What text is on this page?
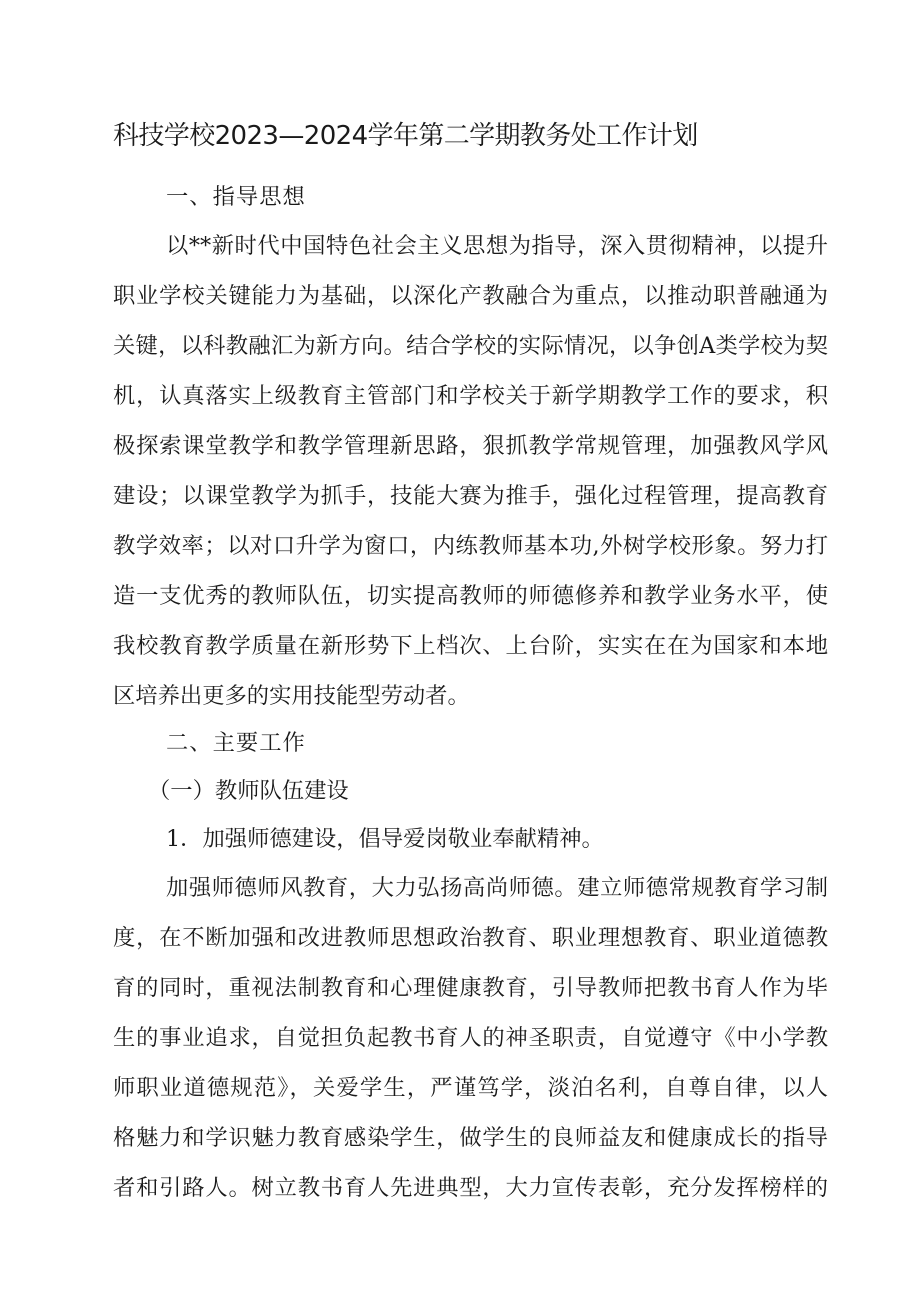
科技学校2023—2024学年第二学期教务处工作计划

一、指导思想

以**新时代中国特色社会主义思想为指导，深入贯彻精神，以提升

职业学校关键能力为基础，以深化产教融合为重点，以推动职普融通为

关键，以科教融汇为新方向。结合学校的实际情况，以争创A类学校为契

机，认真落实上级教育主管部门和学校关于新学期教学工作的要求，积

极探索课堂教学和教学管理新思路，狠抓教学常规管理，加强教风学风

建设；以课堂教学为抓手，技能大赛为推手，强化过程管理，提高教育

教学效率；以对口升学为窗口，内练教师基本功,外树学校形象。努力打

造一支优秀的教师队伍，切实提高教师的师德修养和教学业务水平，使

我校教育教学质量在新形势下上档次、上台阶，实实在在为国家和本地

区培养出更多的实用技能型劳动者。

二、主要工作

（一）教师队伍建设

1．加强师德建设，倡导爱岗敬业奉献精神。

加强师德师风教育，大力弘扬高尚师德。建立师德常规教育学习制

度，在不断加强和改进教师思想政治教育、职业理想教育、职业道德教

育的同时，重视法制教育和心理健康教育，引导教师把教书育人作为毕

生的事业追求，自觉担负起教书育人的神圣职责，自觉遵守《中小学教

师职业道德规范》，关爱学生，严谨笃学，淡泊名利，自尊自律，以人

格魅力和学识魅力教育感染学生，做学生的良师益友和健康成长的指导

者和引路人。树立教书育人先进典型，大力宣传表彰，充分发挥榜样的
